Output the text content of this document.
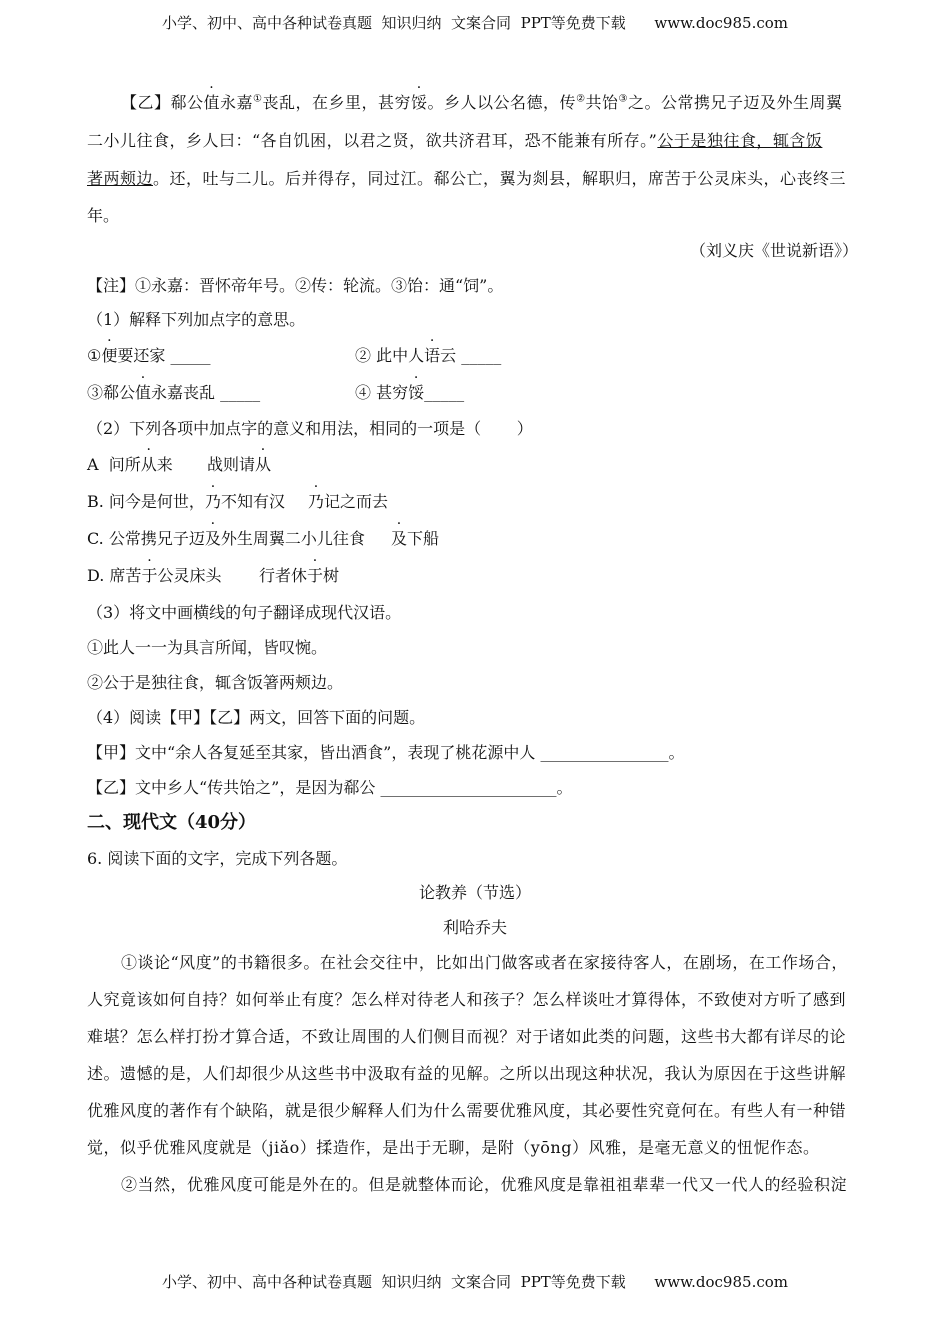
小学、初中、高中各种试卷真题  知识归纳  文案合同  PPT等免费下载      www.doc985.com
【乙】郗公值永嘉①丧乱，在乡里，甚穷馁。乡人以公名德，传②共饴③之。公常携兄子迈及外生周翼
二小儿往食，乡人曰：“各自饥困，以君之贤，欲共济君耳，恐不能兼有所存。”公于是独往食，辄含饭
著两颊边。还，吐与二儿。后并得存，同过江。郗公亡，翼为剡县，解职归，席苦于公灵床头，心丧终三
年。
（刘义庆《世说新语》）
【注】①永嘉：晋怀帝年号。②传：轮流。③饴：通“饲”。
（1）解释下列加点字的意思。
①便要还家 _____	② 此中人语云 _____
③郗公值永嘉丧乱 _____	④ 甚穷馁_____
（2）下列各项中加点字的意义和用法，相同的一项是（       ）
A  问所从来 战则请从
B. 问今是何世，乃不知有汉 乃记之而去
C. 公常携兄子迈及外生周翼二小儿往食 及下船
D. 席苦于公灵床头 行者休于树
（3）将文中画横线的句子翻译成现代汉语。
①此人一一为具言所闻，皆叹惋。
②公于是独往食，辄含饭箸两颊边。
（4）阅读【甲】【乙】两文，回答下面的问题。
【甲】文中“余人各复延至其家，皆出酒食”，表现了桃花源中人 ________________。
【乙】文中乡人“传共饴之”，是因为郗公 ______________________。
二、现代文（40分）
6. 阅读下面的文字，完成下列各题。
论教养（节选）
利哈乔夫
①谈论“风度”的书籍很多。在社会交往中，比如出门做客或者在家接待客人，在剧场，在工作场合，
人究竟该如何自持？如何举止有度？怎么样对待老人和孩子？怎么样谈吐才算得体，不致使对方听了感到
难堪？怎么样打扮才算合适，不致让周围的人们侧目而视？对于诸如此类的问题，这些书大都有详尽的论
述。遗憾的是，人们却很少从这些书中汲取有益的见解。之所以出现这种状况，我认为原因在于这些讲解
优雅风度的著作有个缺陷，就是很少解释人们为什么需要优雅风度，其必要性究竟何在。有些人有一种错
觉，似乎优雅风度就是（jiǎo）揉造作，是出于无聊，是附（yōng）风雅，是毫无意义的忸怩作态。
②当然，优雅风度可能是外在的。但是就整体而论，优雅风度是靠祖祖辈辈一代又一代人的经验积淀
小学、初中、高中各种试卷真题  知识归纳  文案合同  PPT等免费下载      www.doc985.com
